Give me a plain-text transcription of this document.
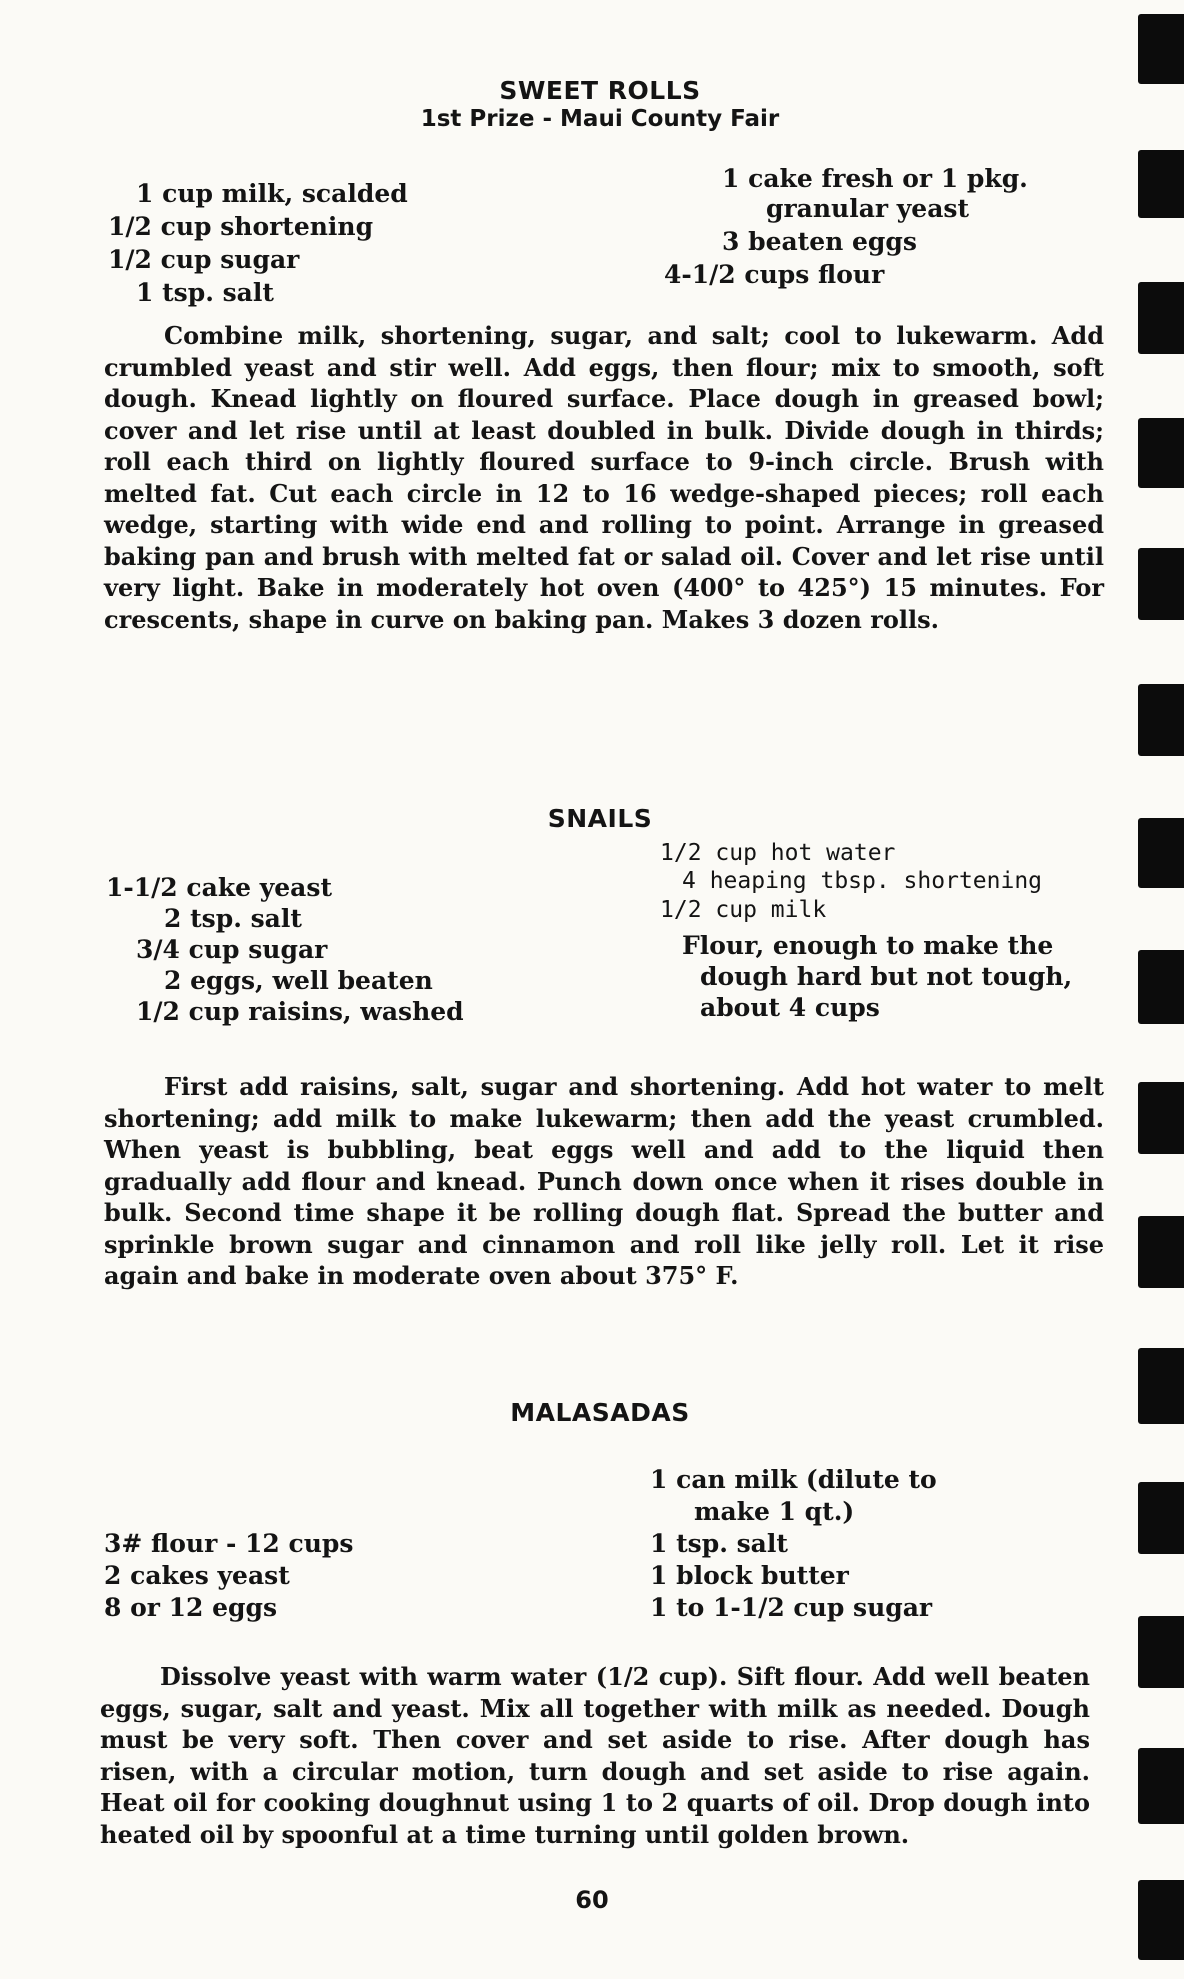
SWEET ROLLS
1st Prize - Maui County Fair
1 cup milk, scalded
1/2 cup shortening
1/2 cup sugar
1 tsp. salt
1 cake fresh or 1 pkg.
granular yeast
3 beaten eggs
4-1/2 cups flour

Combine milk, shortening, sugar, and salt; cool to lukewarm. Add crumbled yeast and stir well. Add eggs, then flour; mix to smooth, soft dough. Knead lightly on floured surface. Place dough in greased bowl; cover and let rise until at least doubled in bulk. Divide dough in thirds; roll each third on lightly floured surface to 9-inch circle. Brush with melted fat. Cut each circle in 12 to 16 wedge-shaped pieces; roll each wedge, starting with wide end and rolling to point. Arrange in greased baking pan and brush with melted fat or salad oil. Cover and let rise until very light. Bake in moderately hot oven (400° to 425°) 15 minutes. For crescents, shape in curve on baking pan. Makes 3 dozen rolls.

SNAILS
1-1/2 cake yeast
2 tsp. salt
3/4 cup sugar
2 eggs, well beaten
1/2 cup raisins, washed
1/2 cup hot water
4 heaping tbsp. shortening
1/2 cup milk
Flour, enough to make the
dough hard but not tough,
about 4 cups

First add raisins, salt, sugar and shortening. Add hot water to melt shortening; add milk to make lukewarm; then add the yeast crumbled. When yeast is bubbling, beat eggs well and add to the liquid then gradually add flour and knead. Punch down once when it rises double in bulk. Second time shape it be rolling dough flat. Spread the butter and sprinkle brown sugar and cinnamon and roll like jelly roll. Let it rise again and bake in moderate oven about 375° F.

MALASADAS
3# flour - 12 cups
2 cakes yeast
8 or 12 eggs
1 can milk (dilute to
make 1 qt.)
1 tsp. salt
1 block butter
1 to 1-1/2 cup sugar

Dissolve yeast with warm water (1/2 cup). Sift flour. Add well beaten eggs, sugar, salt and yeast. Mix all together with milk as needed. Dough must be very soft. Then cover and set aside to rise. After dough has risen, with a circular motion, turn dough and set aside to rise again. Heat oil for cooking doughnut using 1 to 2 quarts of oil. Drop dough into heated oil by spoonful at a time turning until golden brown.

60
